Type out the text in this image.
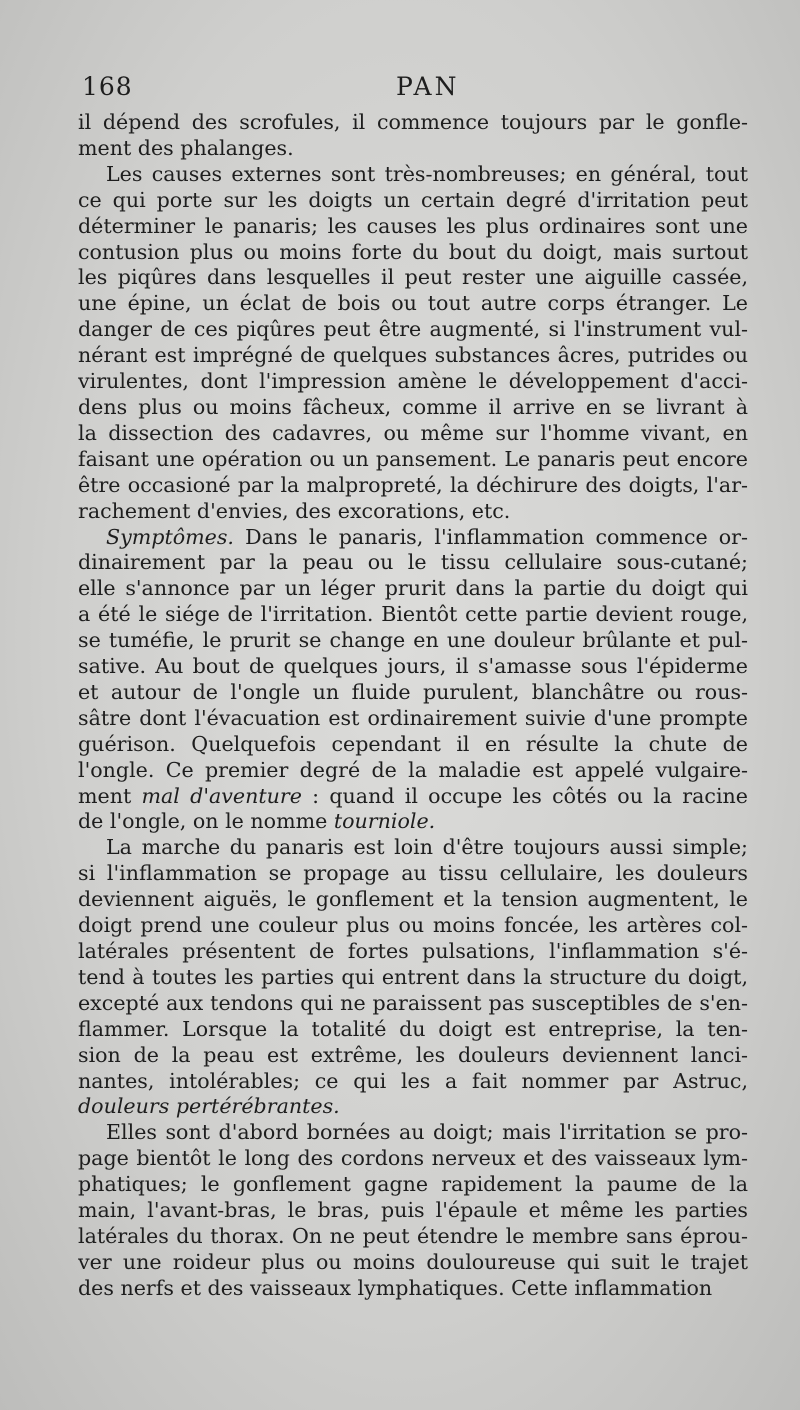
168	PAN

il dépend des scrofules, il commence toujours par le gonfle-
ment des phalanges.

Les causes externes sont très-nombreuses; en général, tout
ce qui porte sur les doigts un certain degré d'irritation peut
déterminer le panaris; les causes les plus ordinaires sont une
contusion plus ou moins forte du bout du doigt, mais surtout
les piqûres dans lesquelles il peut rester une aiguille cassée,
une épine, un éclat de bois ou tout autre corps étranger. Le
danger de ces piqûres peut être augmenté, si l'instrument vul-
nérant est imprégné de quelques substances âcres, putrides ou
virulentes, dont l'impression amène le développement d'acci-
dens plus ou moins fâcheux, comme il arrive en se livrant à
la dissection des cadavres, ou même sur l'homme vivant, en
faisant une opération ou un pansement. Le panaris peut encore
être occasioné par la malpropreté, la déchirure des doigts, l'ar-
rachement d'envies, des excorations, etc.

Symptômes. Dans le panaris, l'inflammation commence or-
dinairement par la peau ou le tissu cellulaire sous-cutané;
elle s'annonce par un léger prurit dans la partie du doigt qui
a été le siége de l'irritation. Bientôt cette partie devient rouge,
se tuméfie, le prurit se change en une douleur brûlante et pul-
sative. Au bout de quelques jours, il s'amasse sous l'épiderme
et autour de l'ongle un fluide purulent, blanchâtre ou rous-
sâtre dont l'évacuation est ordinairement suivie d'une prompte
guérison. Quelquefois cependant il en résulte la chute de
l'ongle. Ce premier degré de la maladie est appelé vulgaire-
ment mal d'aventure : quand il occupe les côtés ou la racine
de l'ongle, on le nomme tourniole.

La marche du panaris est loin d'être toujours aussi simple;
si l'inflammation se propage au tissu cellulaire, les douleurs
deviennent aiguës, le gonflement et la tension augmentent, le
doigt prend une couleur plus ou moins foncée, les artères col-
latérales présentent de fortes pulsations, l'inflammation s'é-
tend à toutes les parties qui entrent dans la structure du doigt,
excepté aux tendons qui ne paraissent pas susceptibles de s'en-
flammer. Lorsque la totalité du doigt est entreprise, la ten-
sion de la peau est extrême, les douleurs deviennent lanci-
nantes, intolérables; ce qui les a fait nommer par Astruc,
douleurs pertérébrantes.

Elles sont d'abord bornées au doigt; mais l'irritation se pro-
page bientôt le long des cordons nerveux et des vaisseaux lym-
phatiques; le gonflement gagne rapidement la paume de la
main, l'avant-bras, le bras, puis l'épaule et même les parties
latérales du thorax. On ne peut étendre le membre sans éprou-
ver une roideur plus ou moins douloureuse qui suit le trajet
des nerfs et des vaisseaux lymphatiques. Cette inflammation
